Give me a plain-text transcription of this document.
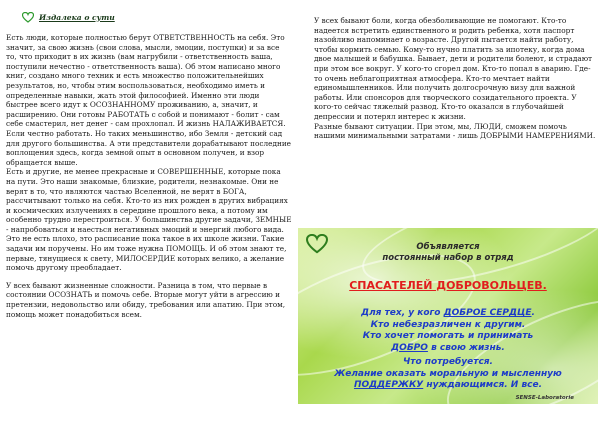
Издалека о сути

Есть люди, которые полностью берут ОТВЕТСТВЕННОСТЬ на себя. Это значит, за свою жизнь (свои слова, мысли, эмоции, поступки) и за все то, что приходит в их жизнь (вам нагрубили - ответственность ваша, поступили нечестно - ответственность ваша). Об этом написано много книг, создано много техник и есть множество положительнейших результатов, но, чтобы этим воспользоваться, необходимо иметь и определенные навыки, жать этой философией. Именно эти люди быстрее всего идут к ОСОЗНАННОМУ проживанию, а, значит, и расширению. Они готовы РАБОТАТЬ с собой и понимают - болит - сам себе смастерил, нет денег - сам прохлопал. И жизнь НАЛАЖИВАЕТСЯ. Если честно работать. Но таких меньшинство, ибо Земля - детский сад для другого большинства. А эти представители дорабатывают последние воплощения здесь, когда земной опыт в основном получен, и взор обращается выше.

Есть и другие, не менее прекрасные и СОВЕРШЕННЫЕ, которые пока на пути. Это наши знакомые, близкие, родители, незнакомые. Они не верят в то, что являются частью Вселенной, не верят в БОГА, рассчитывают только на себя. Кто-то из них рожден в других вибрациях и космических излучениях в середине прошлого века, а потому им особенно трудно перестроиться. У большинства другие задачи, ЗЕМНЫЕ - напробоваться и наесться негативных эмоций и энергий любого вида. Это не есть плохо, это расписание пока такое в их школе жизни. Такие задачи им поручены. Но им тоже нужна ПОМОЩЬ. И об этом знают те, первые, тянущиеся к свету, МИЛОСЕРДИЕ которых велико, а желание помочь другому преобладает.

У всех бывают жизненные сложности. Разница в том, что первые в состоянии ОСОЗНАТЬ и помочь себе. Вторые могут уйти в агрессию и претензии, недовольство или обиду, требования или апатию. При этом, помощь может понадобиться всем.

У всех бывают боли, когда обезболивающие не помогают. Кто-то надеется встретить единственного и родить ребенка, хотя паспорт назойливо напоминает о возрасте. Другой пытается найти работу, чтобы кормить семью. Кому-то нучно платить за ипотеку, когда дома двое малышей и бабушка. Бывает, дети и родители болеют, и страдают при этом все вокруг. У кого-то сгорел дом. Кто-то попал в аварию. Где-то очень неблагоприятная атмосфера. Кто-то мечтает найти единомышленников. Или получить долгосрочную визу для важной работы. Или спонсоров для творческого созидательного проекта. У кого-то сейчас тяжелый развод. Кто-то оказался в глубочайшей депрессии и потерял интерес к жизни.

Разные бывают ситуации. При этом, мы, ЛЮДИ, сможем помочь нашими минимальными затратами - лишь ДОБРЫМИ НАМЕРЕНИЯМИ.

Объявляется
постоянный набор в отряд
СПАСАТЕЛЕЙ ДОБРОВОЛЬЦЕВ.
Для тех, у кого ДОБРОЕ СЕРДЦЕ.
Кто небезразличен к другим.
Кто хочет помогать и принимать
ДОБРО в свою жизнь.
Что потребуется.
Желание оказать моральную и мысленную
ПОДДЕРЖКУ нуждающимся. И все.
SENSE-Laboratorie
